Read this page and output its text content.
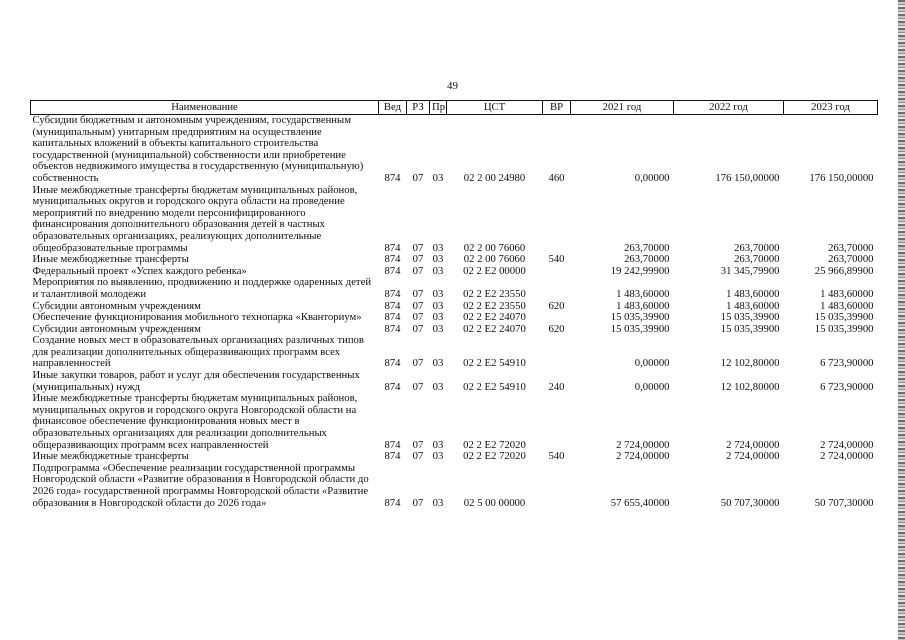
49
Наименование	Вед	РЗ	Пр	ЦСТ	ВР	2021 год	2022 год	2023 год
Субсидии бюджетным и автономным учреждениям, государственным (муниципальным) унитарным предприятиям на осуществление капитальных вложений в объекты капитального строительства государственной (муниципальной) собственности или приобретение объектов недвижимого имущества в государственную (муниципальную) собственность	874	07	03	02 2 00 24980	460	0,00000	176 150,00000	176 150,00000
Иные межбюджетные трансферты бюджетам муниципальных районов, муниципальных округов и городского округа области на проведение мероприятий по внедрению модели персонифицированного финансирования дополнительного образования детей в частных образовательных организациях, реализующих дополнительные общеобразовательные программы	874	07	03	02 2 00 76060		263,70000	263,70000	263,70000
Иные межбюджетные трансферты	874	07	03	02 2 00 76060	540	263,70000	263,70000	263,70000
Федеральный проект «Успех каждого ребенка»	874	07	03	02 2 E2 00000		19 242,99900	31 345,79900	25 966,89900
Мероприятия по выявлению, продвижению и поддержке одаренных детей и талантливой молодежи	874	07	03	02 2 E2 23550		1 483,60000	1 483,60000	1 483,60000
Субсидии автономным учреждениям	874	07	03	02 2 E2 23550	620	1 483,60000	1 483,60000	1 483,60000
Обеспечение функционирования мобильного технопарка «Кванториум»	874	07	03	02 2 E2 24070		15 035,39900	15 035,39900	15 035,39900
Субсидии автономным учреждениям	874	07	03	02 2 E2 24070	620	15 035,39900	15 035,39900	15 035,39900
Создание новых мест в образовательных организациях различных типов для реализации дополнительных общеразвивающих программ всех направленностей	874	07	03	02 2 E2 54910		0,00000	12 102,80000	6 723,90000
Иные закупки товаров, работ и услуг для обеспечения государственных (муниципальных) нужд	874	07	03	02 2 E2 54910	240	0,00000	12 102,80000	6 723,90000
Иные межбюджетные трансферты бюджетам муниципальных районов, муниципальных округов и городского округа Новгородской области на финансовое обеспечение функционирования новых мест в образовательных организациях для реализации дополнительных общеразвивающих программ всех направленностей	874	07	03	02 2 E2 72020		2 724,00000	2 724,00000	2 724,00000
Иные межбюджетные трансферты	874	07	03	02 2 E2 72020	540	2 724,00000	2 724,00000	2 724,00000
Подпрограмма «Обеспечение реализации государственной программы Новгородской области «Развитие образования в Новгородской области до 2026 года» государственной программы Новгородской области «Развитие образования в Новгородской области до 2026 года»	874	07	03	02 5 00 00000		57 655,40000	50 707,30000	50 707,30000
